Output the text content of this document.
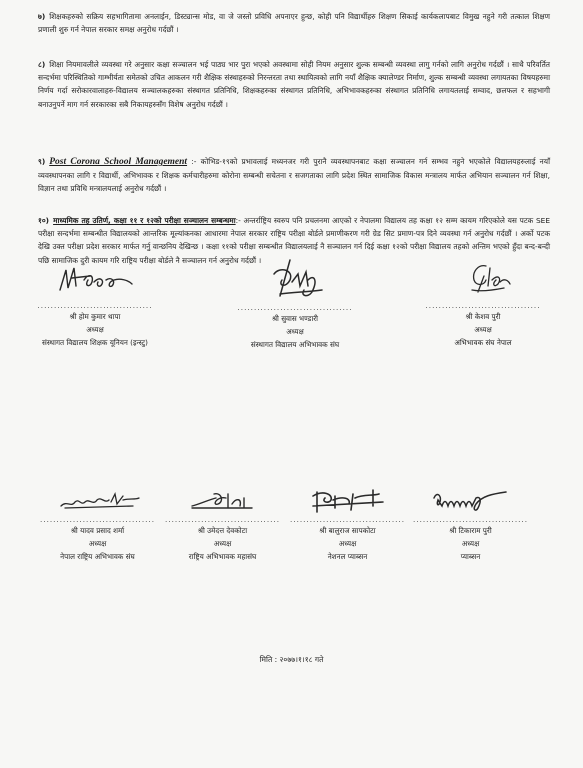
७) शिक्षकहरुको सक्रिय सहभागितामा अनलाईन, डिस्ट्यान्स मोड, वा जे जस्तो प्रविधि अपनाएर हुन्छ, कोही पनि विद्यार्थीहरु शिक्षण सिकाई कार्यकलापबाट विमुख नहुने गरी तत्काल शिक्षण प्रणाली शुरु गर्न नेपाल सरकार समक्ष अनुरोध गर्दछौं ।

८) शिक्षा नियमावलीले व्यवस्था गरे अनुसार कक्षा सञ्चालन भई पाठ्य भार पुरा भएको अवस्थामा सोही नियम अनुसार शुल्क सम्बन्धी व्यवस्था लागु गर्नको लागि अनुरोध गर्दछौं । साथै परिवर्तित सन्दर्भमा परिस्थितिको गाम्भीर्यता समेतको उचित आकलन गरी शैक्षिक संस्थाहरुको निरन्तरता तथा स्थायित्वको लागि नयाँ शैक्षिक क्यालेण्डर निर्माण, शुल्क सम्बन्धी व्यवस्था लगायतका विषयहरुमा निर्णय गर्दा सरोकारवालाहरु-विद्यालय सञ्चालकहरुका संस्थागत प्रतिनिधि, शिक्षकहरुका संस्थागत प्रतिनिधि, अभिभावकहरुका संस्थागत प्रतिनिधि लगायतलाई सम्वाद, छलफल र सहभागी बनाउनुपर्ने माग गर्न सरकारका सबै निकायहरुसँग विशेष अनुरोध गर्दछौं ।

९) Post Corona School Management :- कोभिड-१९को प्रभावलाई मध्यनजर गरी पुरानै व्यवस्थापनबाट कक्षा सञ्चालन गर्न सम्भव नहुने भएकोले विद्यालयहरुलाई नयाँ व्यवस्थापनका लागि र विद्यार्थी, अभिभावक र शिक्षक कर्मचारीहरुमा कोरोना सम्बन्धी सचेतना र सजगताका लागि प्रदेश स्थित सामाजिक विकास मन्त्रालय मार्फत अभियान सञ्चालन गर्न शिक्षा, विज्ञान तथा प्रविधि मन्त्रालयलाई अनुरोध गर्दछौं ।

१०) माध्यमिक तह उतिर्ण, कक्षा ११ र १२को परीक्षा सञ्चालन सम्बन्धमा:- अन्तर्राष्ट्रिय स्वरुप पनि प्रचलनमा आएको र नेपालमा विद्यालय तह कक्षा १२ सम्म कायम गरिएकोले यस पटक SEE परीक्षा सन्दर्भमा सम्बन्धीत विद्यालयको आन्तरिक मूल्यांकनका आधारमा नेपाल सरकार राष्ट्रिय परीक्षा बोर्डले प्रमाणीकरण गरी ग्रेड सिट प्रमाण-पत्र दिने व्यवस्था गर्न अनुरोध गर्दछौं । अर्को पटक देखि उक्त परीक्षा प्रदेश सरकार मार्फत गर्नु वान्छनिय देखिन्छ । कक्षा ११को परीक्षा सम्बन्धीत विद्यालयलाई नै सञ्चालन गर्न दिई कक्षा १२को परीक्षा विद्यालय तहको अन्तिम भएको हुँदा बन्द-बन्दी पछि सामाजिक दुरी कायम गरि राष्ट्रिय परीक्षा बोर्डले नै सञ्चालन गर्न अनुरोध गर्दछौं ।

...................................
श्री होम कुमार थापा
अध्यक्ष
संस्थागत विद्यालय शिक्षक यूनियन (इन्स्टु)
...................................
श्री सुवास भण्डारी
अध्यक्ष
संस्थागत विद्यालय अभिभावक संघ
...................................
श्री केशव पुरी
अध्यक्ष
अभिभावक संघ नेपाल
...................................
श्री यादव प्रसाद शर्मा
अध्यक्ष
नेपाल राष्ट्रिय अभिभावक संघ
...................................
श्री उमेदत्त देवकोटा
अध्यक्ष
राष्ट्रिय अभिभावक महासंघ
...................................
श्री बालुराज सापकोटा
अध्यक्ष
नेशनल प्याब्सन
...................................
श्री टिकाराम पुरी
अध्यक्ष
प्याब्सन
मिति : २०७७।१।१८ गते
